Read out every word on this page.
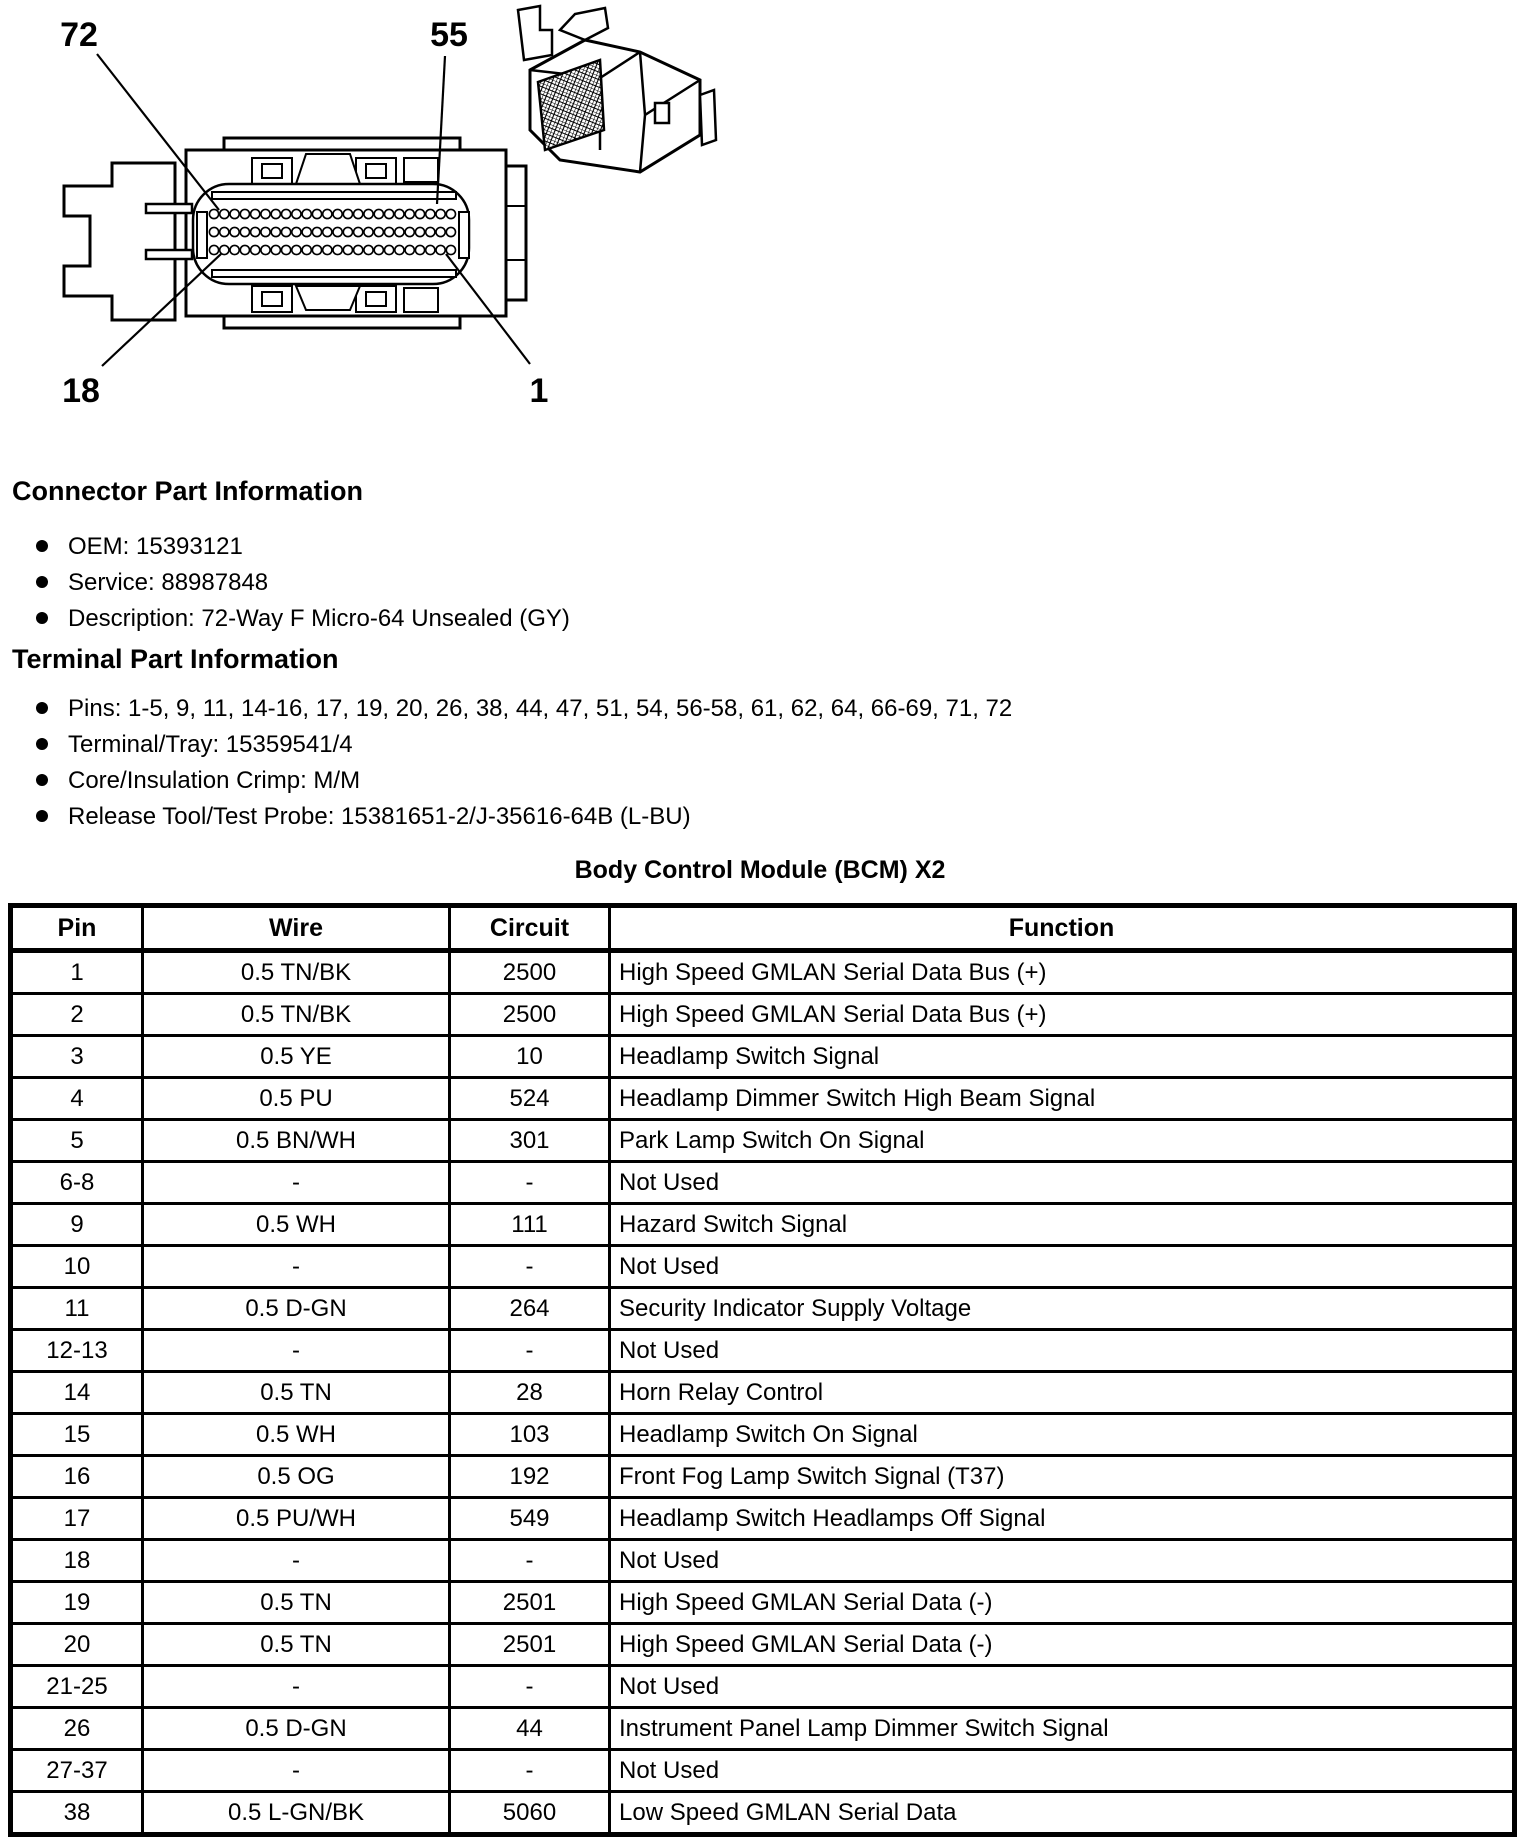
72	55
18	1
Connector Part Information
OEM: 15393121
Service: 88987848
Description: 72-Way F Micro-64 Unsealed (GY)
Terminal Part Information
Pins: 1-5, 9, 11, 14-16, 17, 19, 20, 26, 38, 44, 47, 51, 54, 56-58, 61, 62, 64, 66-69, 71, 72
Terminal/Tray: 15359541/4
Core/Insulation Crimp: M/M
Release Tool/Test Probe: 15381651-2/J-35616-64B (L-BU)
Body Control Module (BCM) X2
Pin	Wire	Circuit	Function
1	0.5 TN/BK	2500	High Speed GMLAN Serial Data Bus (+)
2	0.5 TN/BK	2500	High Speed GMLAN Serial Data Bus (+)
3	0.5 YE	10	Headlamp Switch Signal
4	0.5 PU	524	Headlamp Dimmer Switch High Beam Signal
5	0.5 BN/WH	301	Park Lamp Switch On Signal
6-8	-	-	Not Used
9	0.5 WH	111	Hazard Switch Signal
10	-	-	Not Used
11	0.5 D-GN	264	Security Indicator Supply Voltage
12-13	-	-	Not Used
14	0.5 TN	28	Horn Relay Control
15	0.5 WH	103	Headlamp Switch On Signal
16	0.5 OG	192	Front Fog Lamp Switch Signal (T37)
17	0.5 PU/WH	549	Headlamp Switch Headlamps Off Signal
18	-	-	Not Used
19	0.5 TN	2501	High Speed GMLAN Serial Data (-)
20	0.5 TN	2501	High Speed GMLAN Serial Data (-)
21-25	-	-	Not Used
26	0.5 D-GN	44	Instrument Panel Lamp Dimmer Switch Signal
27-37	-	-	Not Used
38	0.5 L-GN/BK	5060	Low Speed GMLAN Serial Data
